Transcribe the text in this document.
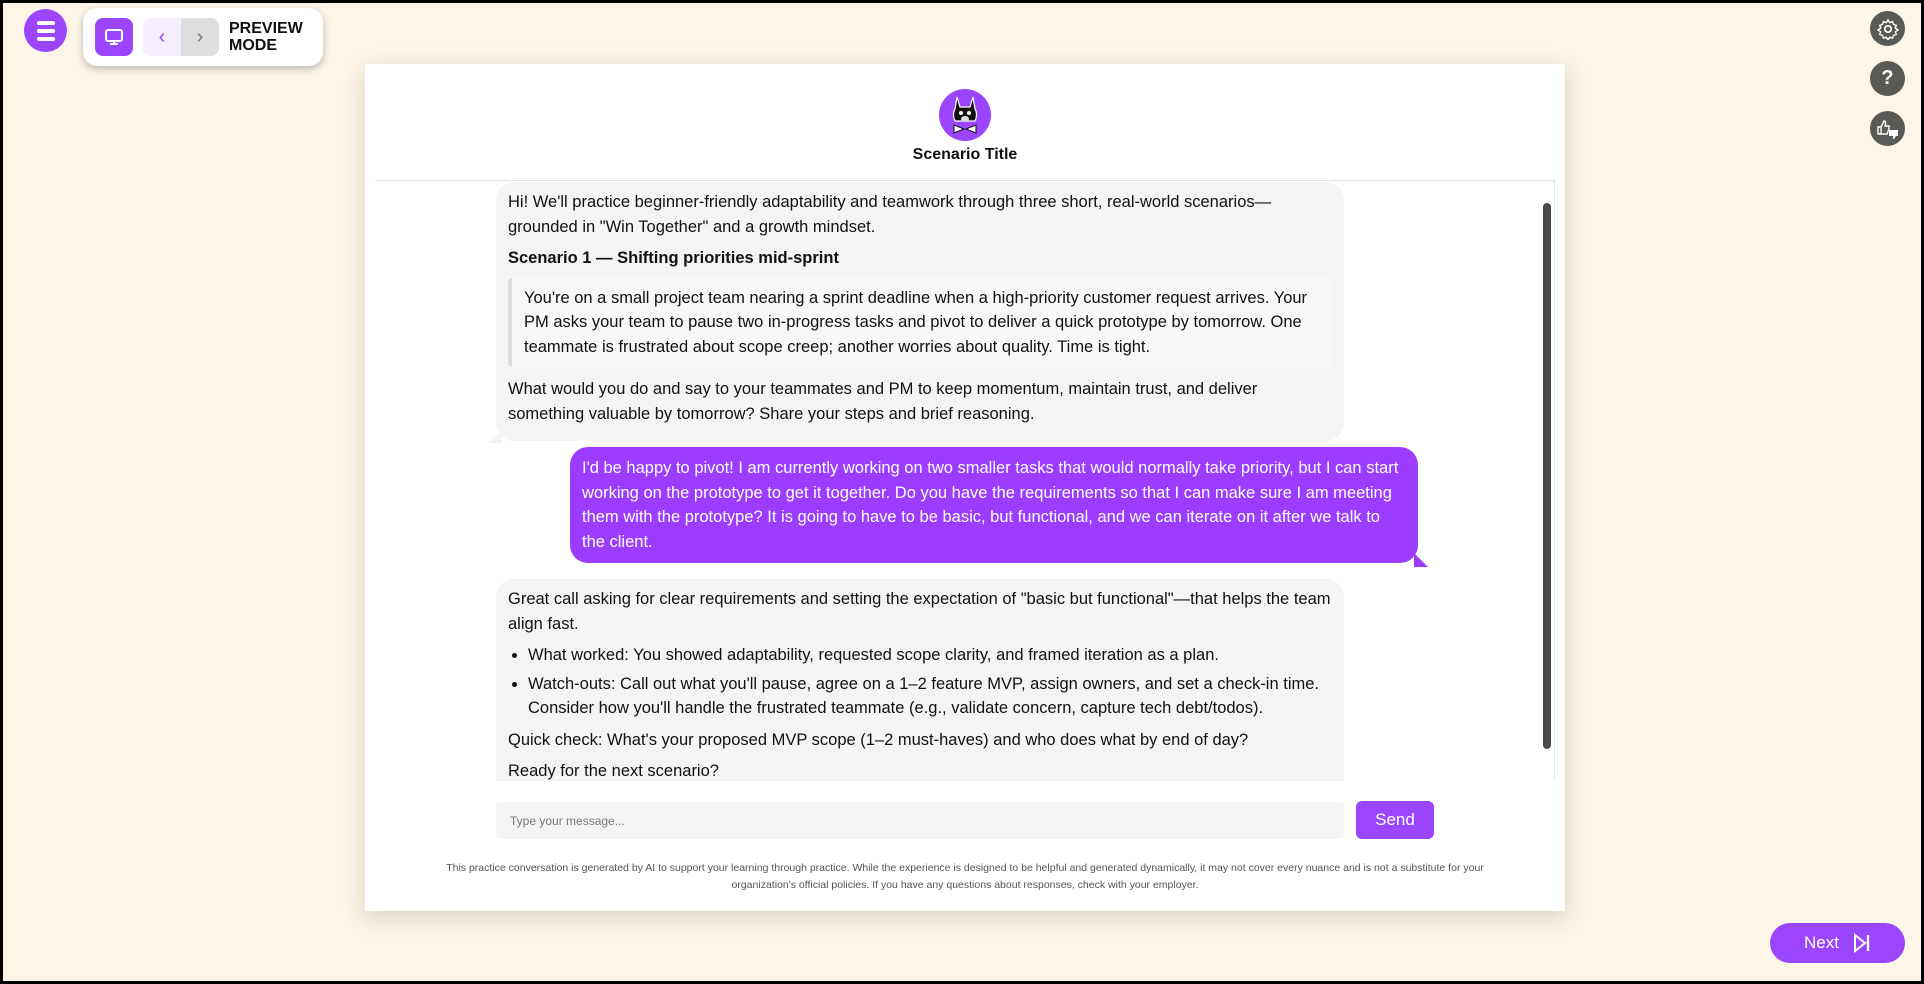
‹ › PREVIEW MODE
?
Scenario Title

Hi! We'll practice beginner-friendly adaptability and teamwork through three short, real-world scenarios—grounded in "Win Together" and a growth mindset.

Scenario 1 — Shifting priorities mid-sprint

You're on a small project team nearing a sprint deadline when a high-priority customer request arrives. Your PM asks your team to pause two in-progress tasks and pivot to deliver a quick prototype by tomorrow. One teammate is frustrated about scope creep; another worries about quality. Time is tight.

What would you do and say to your teammates and PM to keep momentum, maintain trust, and deliver something valuable by tomorrow? Share your steps and brief reasoning.

I'd be happy to pivot! I am currently working on two smaller tasks that would normally take priority, but I can start working on the prototype to get it together. Do you have the requirements so that I can make sure I am meeting them with the prototype? It is going to have to be basic, but functional, and we can iterate on it after we talk to the client.

Great call asking for clear requirements and setting the expectation of "basic but functional"—that helps the team align fast.

• What worked: You showed adaptability, requested scope clarity, and framed iteration as a plan.
• Watch-outs: Call out what you'll pause, agree on a 1–2 feature MVP, assign owners, and set a check-in time. Consider how you'll handle the frustrated teammate (e.g., validate concern, capture tech debt/todos).

Quick check: What's your proposed MVP scope (1–2 must-haves) and who does what by end of day?

Ready for the next scenario?

Type your message...
Send
This practice conversation is generated by AI to support your learning through practice. While the experience is designed to be helpful and generated dynamically, it may not cover every nuance and is not a substitute for your organization's official policies. If you have any questions about responses, check with your employer.
Next
